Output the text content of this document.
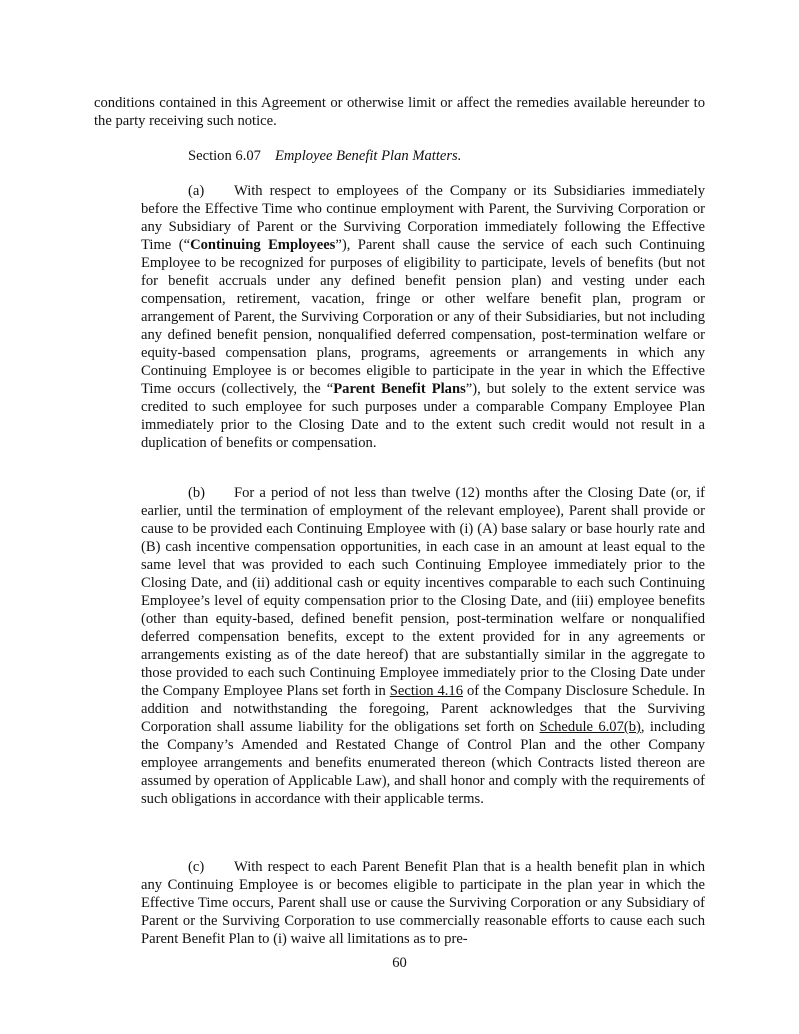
conditions contained in this Agreement or otherwise limit or affect the remedies available hereunder to the party receiving such notice.

Section 6.07 Employee Benefit Plan Matters.

(a) With respect to employees of the Company or its Subsidiaries immediately before the Effective Time who continue employment with Parent, the Surviving Corporation or any Subsidiary of Parent or the Surviving Corporation immediately following the Effective Time (“Continuing Employees”), Parent shall cause the service of each such Continuing Employee to be recognized for purposes of eligibility to participate, levels of benefits (but not for benefit accruals under any defined benefit pension plan) and vesting under each compensation, retirement, vacation, fringe or other welfare benefit plan, program or arrangement of Parent, the Surviving Corporation or any of their Subsidiaries, but not including any defined benefit pension, nonqualified deferred compensation, post-termination welfare or equity-based compensation plans, programs, agreements or arrangements in which any Continuing Employee is or becomes eligible to participate in the year in which the Effective Time occurs (collectively, the “Parent Benefit Plans”), but solely to the extent service was credited to such employee for such purposes under a comparable Company Employee Plan immediately prior to the Closing Date and to the extent such credit would not result in a duplication of benefits or compensation.

(b) For a period of not less than twelve (12) months after the Closing Date (or, if earlier, until the termination of employment of the relevant employee), Parent shall provide or cause to be provided each Continuing Employee with (i) (A) base salary or base hourly rate and (B) cash incentive compensation opportunities, in each case in an amount at least equal to the same level that was provided to each such Continuing Employee immediately prior to the Closing Date, and (ii) additional cash or equity incentives comparable to each such Continuing Employee’s level of equity compensation prior to the Closing Date, and (iii) employee benefits (other than equity-based, defined benefit pension, post-termination welfare or nonqualified deferred compensation benefits, except to the extent provided for in any agreements or arrangements existing as of the date hereof) that are substantially similar in the aggregate to those provided to each such Continuing Employee immediately prior to the Closing Date under the Company Employee Plans set forth in Section 4.16 of the Company Disclosure Schedule. In addition and notwithstanding the foregoing, Parent acknowledges that the Surviving Corporation shall assume liability for the obligations set forth on Schedule 6.07(b), including the Company’s Amended and Restated Change of Control Plan and the other Company employee arrangements and benefits enumerated thereon (which Contracts listed thereon are assumed by operation of Applicable Law), and shall honor and comply with the requirements of such obligations in accordance with their applicable terms.

(c) With respect to each Parent Benefit Plan that is a health benefit plan in which any Continuing Employee is or becomes eligible to participate in the plan year in which the Effective Time occurs, Parent shall use or cause the Surviving Corporation or any Subsidiary of Parent or the Surviving Corporation to use commercially reasonable efforts to cause each such Parent Benefit Plan to (i) waive all limitations as to pre-

60
